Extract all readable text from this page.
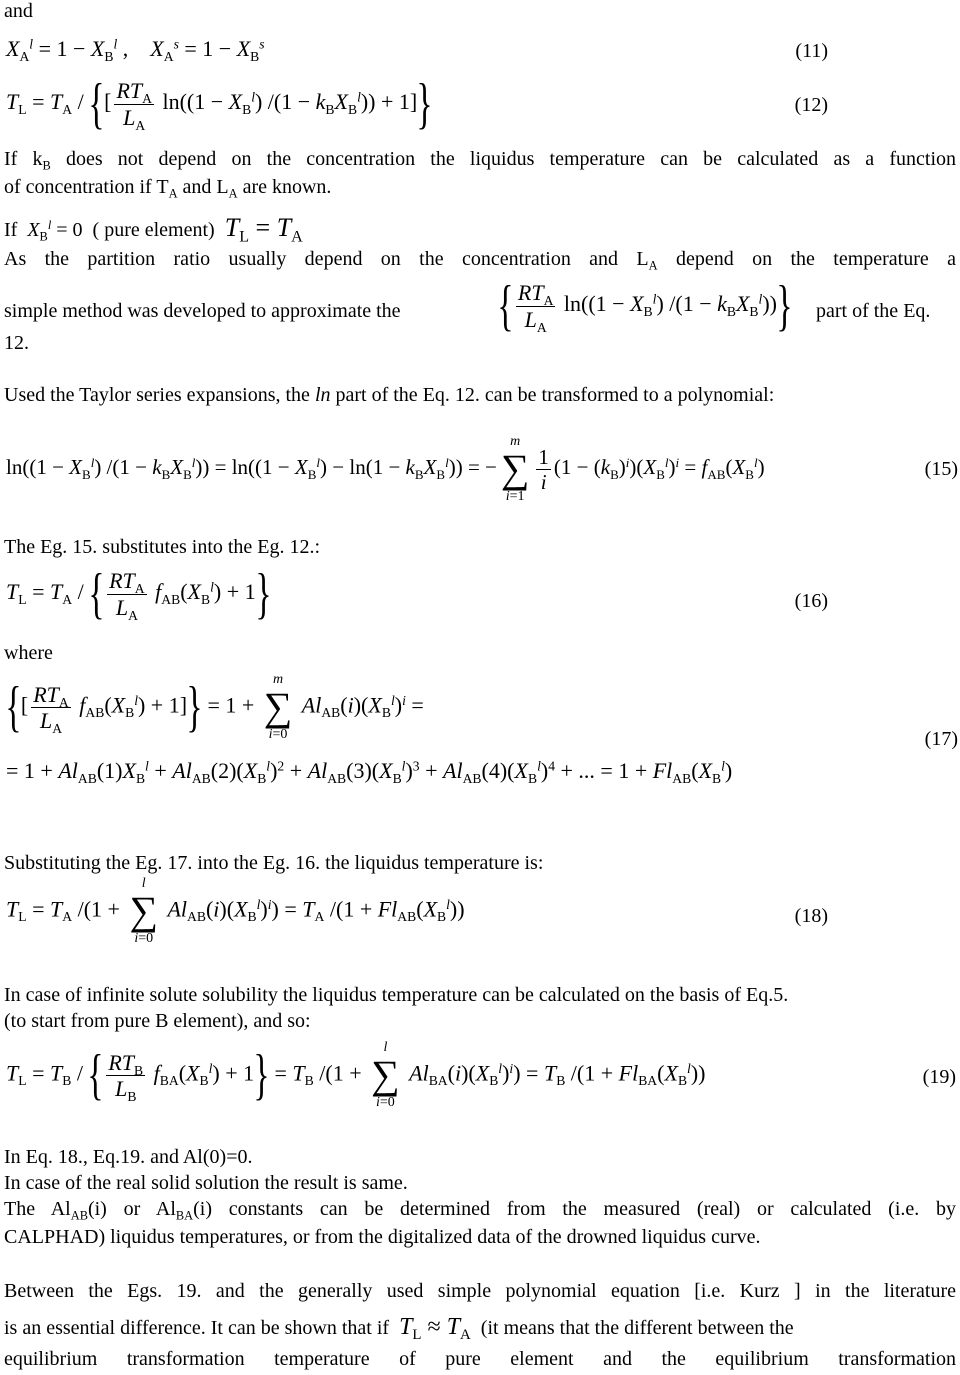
and
$X_A^l = 1 - X_B^l$ ,    $X_A^s = 1 - X_B^s$	(11)
$T_L = T_A$ / {[ $\frac{RT_A}{L_A} \ln((1 - X_B^l) /(1 - k_BX_B^l)) + 1$]}	(12)
If $k_B$ does not depend on the concentration the liquidus temperature can be calculated as a function
of concentration if $T_A$ and $L_A$ are known.
If $X_B^l = 0$  ( pure element) $T_L = T_A$
As the partition ratio usually depend on the concentration and $L_A$ depend on the temperature a
simple method was developed to approximate the { $\frac{RT_A}{L_A} \ln((1 - X_B^l) /(1 - k_BX_B^l))$} part of the Eq.
12.
Used the Taylor series expansions, the ln part of the Eq. 12. can be transformed to a polynomial:
$\ln((1 - X_B^l)$ $/(1 - k_BX_B^l)) = \ln((1 - X_B^l) - \ln(1 - k_BX_B^l))$ = −
m
∑
i=1
$\frac{1}{i} (1 - (k_B)^i)(X_B^l)^i = f_{AB}(X_B^l)$	(15)
The Eg. 15. substitutes into the Eg. 12.:
$T_L = T_A$ / { $\frac{RT_A}{L_A} f_{AB}(X_B^l) + 1$}	(16)
where
{[ $\frac{RT_A}{L_A} f_{AB}(X_B^l) + 1]\} = 1$ +
m
∑
i=0
$Al_{AB}(i)(X_B^l)^i$ =
(17)
= $1 + Al_{AB}(1)X_B^l + Al_{AB}(2)(X_B^l)^2 + Al_{AB}(3)(X_B^l)^3 + Al_{AB}(4)(X_B^l)^4$ + ... = $1 + Fl_{AB}(X_B^l)$
Substituting the Eg. 17. into the Eg. 16. the liquidus temperature is:
$T_L = T_A$ /(1 +
l
∑
i=0
$Al_{AB}(i)(X_B^l)^i) = T_A$ $/(1 + Fl_{AB}(X_B^l))$	(18)
In case of infinite solute solubility the liquidus temperature can be calculated on the basis of Eq.5.
(to start from pure B element), and so:
$T_L = T_B$ / { $\frac{RT_B}{L_B} f_{BA}(X_B^l) + 1\} = T_B$ /(1 +
l
∑
i=0
$Al_{BA}(i)(X_B^l)^i) = T_B$ $/(1 + Fl_{BA}(X_B^l))$	(19)
In Eq. 18., Eq.19. and Al(0)=0.
In case of the real solid solution the result is same.
The $Al_{AB}(i)$ or $Al_{BA}(i)$ constants can be determined from the measured (real) or calculated (i.e. by
CALPHAD) liquidus temperatures, or from the digitalized data of the drowned liquidus curve.
Between the Egs. 19. and the generally used simple polynomial equation [i.e. Kurz ] in the literature
is an essential difference. It can be shown that if $T_L \approx T_A$ (it means that the different between the
equilibrium transformation temperature of pure element and the equilibrium transformation
